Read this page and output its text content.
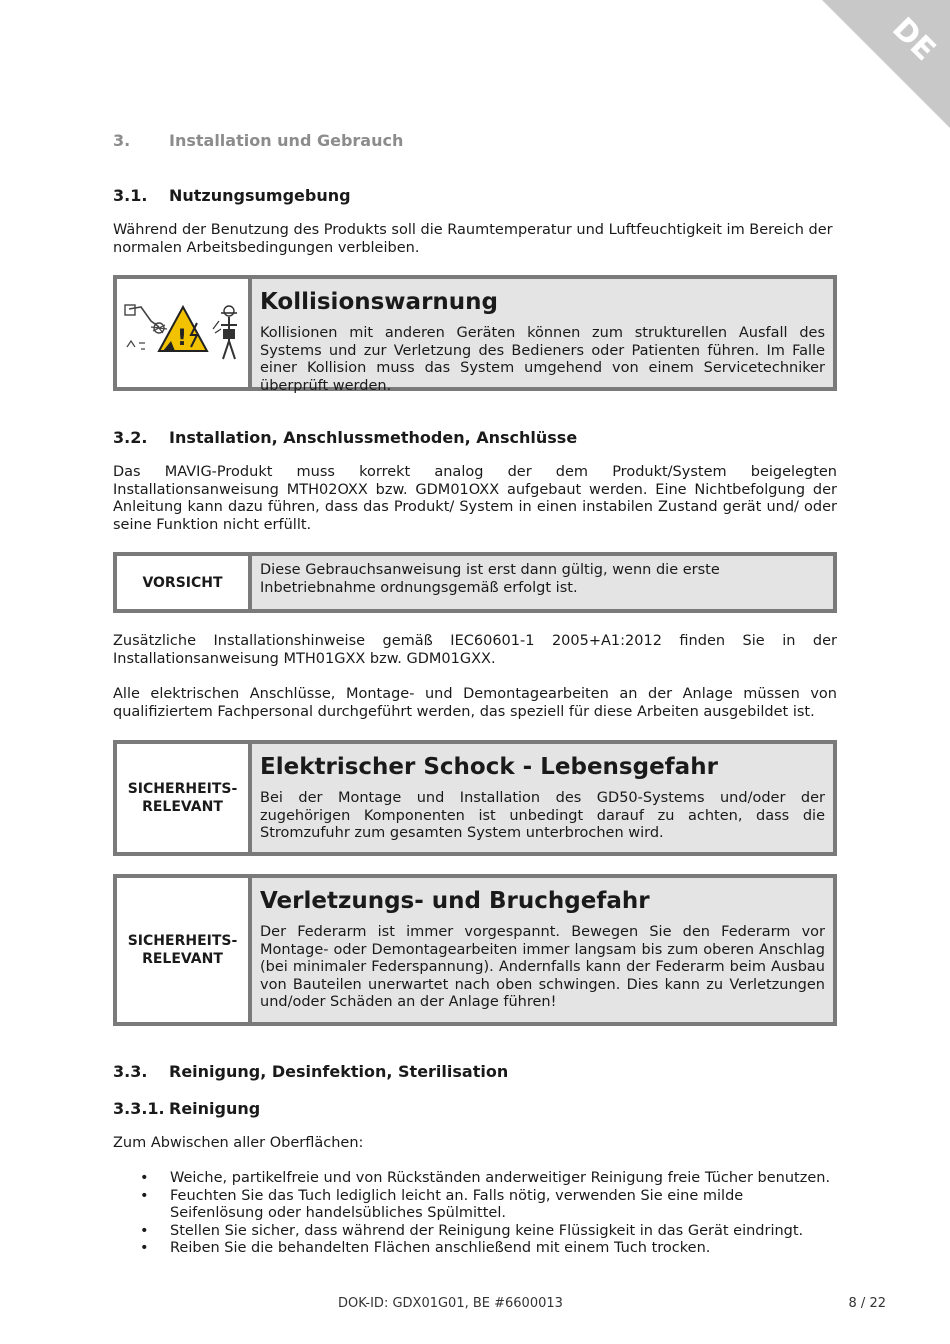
DE
3. Installation und Gebrauch
3.1. Nutzungsumgebung

Während der Benutzung des Produkts soll die Raumtemperatur und Luftfeuchtigkeit im Bereich der normalen Arbeitsbedingungen verbleiben.

!
Kollisionswarnung

Kollisionen mit anderen Geräten können zum strukturellen Ausfall des Systems und zur Verletzung des Bedieners oder Patienten führen. Im Falle einer Kollision muss das System umgehend von einem Servicetechniker überprüft werden.

3.2. Installation, Anschlussmethoden, Anschlüsse

Das MAVIG-Produkt muss korrekt analog der dem Produkt/System beigelegten Installationsanweisung MTH02OXX bzw. GDM01OXX aufgebaut werden. Eine Nichtbefolgung der Anleitung kann dazu führen, dass das Produkt/ System in einen instabilen Zustand gerät und/ oder seine Funktion nicht erfüllt.

VORSICHT

Diese Gebrauchsanweisung ist erst dann gültig, wenn die erste Inbetriebnahme ordnungsgemäß erfolgt ist.

Zusätzliche Installationshinweise gemäß IEC60601-1 2005+A1:2012 finden Sie in der Installationsanweisung MTH01GXX bzw. GDM01GXX.

Alle elektrischen Anschlüsse, Montage- und Demontagearbeiten an der Anlage müssen von qualifiziertem Fachpersonal durchgeführt werden, das speziell für diese Arbeiten ausgebildet ist.

SICHERHEITS-
RELEVANT
Elektrischer Schock - Lebensgefahr

Bei der Montage und Installation des GD50-Systems und/oder der zugehörigen Komponenten ist unbedingt darauf zu achten, dass die Stromzufuhr zum gesamten System unterbrochen wird.

SICHERHEITS-
RELEVANT
Verletzungs- und Bruchgefahr

Der Federarm ist immer vorgespannt. Bewegen Sie den Federarm vor Montage- oder Demontagearbeiten immer langsam bis zum oberen Anschlag (bei minimaler Federspannung). Andernfalls kann der Federarm beim Ausbau von Bauteilen unerwartet nach oben schwingen. Dies kann zu Verletzungen und/oder Schäden an der Anlage führen!

3.3. Reinigung, Desinfektion, Sterilisation
3.3.1. Reinigung

Zum Abwischen aller Oberflächen:

• Weiche, partikelfreie und von Rückständen anderweitiger Reinigung freie Tücher benutzen.
• Feuchten Sie das Tuch lediglich leicht an. Falls nötig, verwenden Sie eine milde Seifenlösung oder handelsübliches Spülmittel.
• Stellen Sie sicher, dass während der Reinigung keine Flüssigkeit in das Gerät eindringt.
• Reiben Sie die behandelten Flächen anschließend mit einem Tuch trocken.
DOK-ID: GDX01G01, BE #6600013	8 / 22
